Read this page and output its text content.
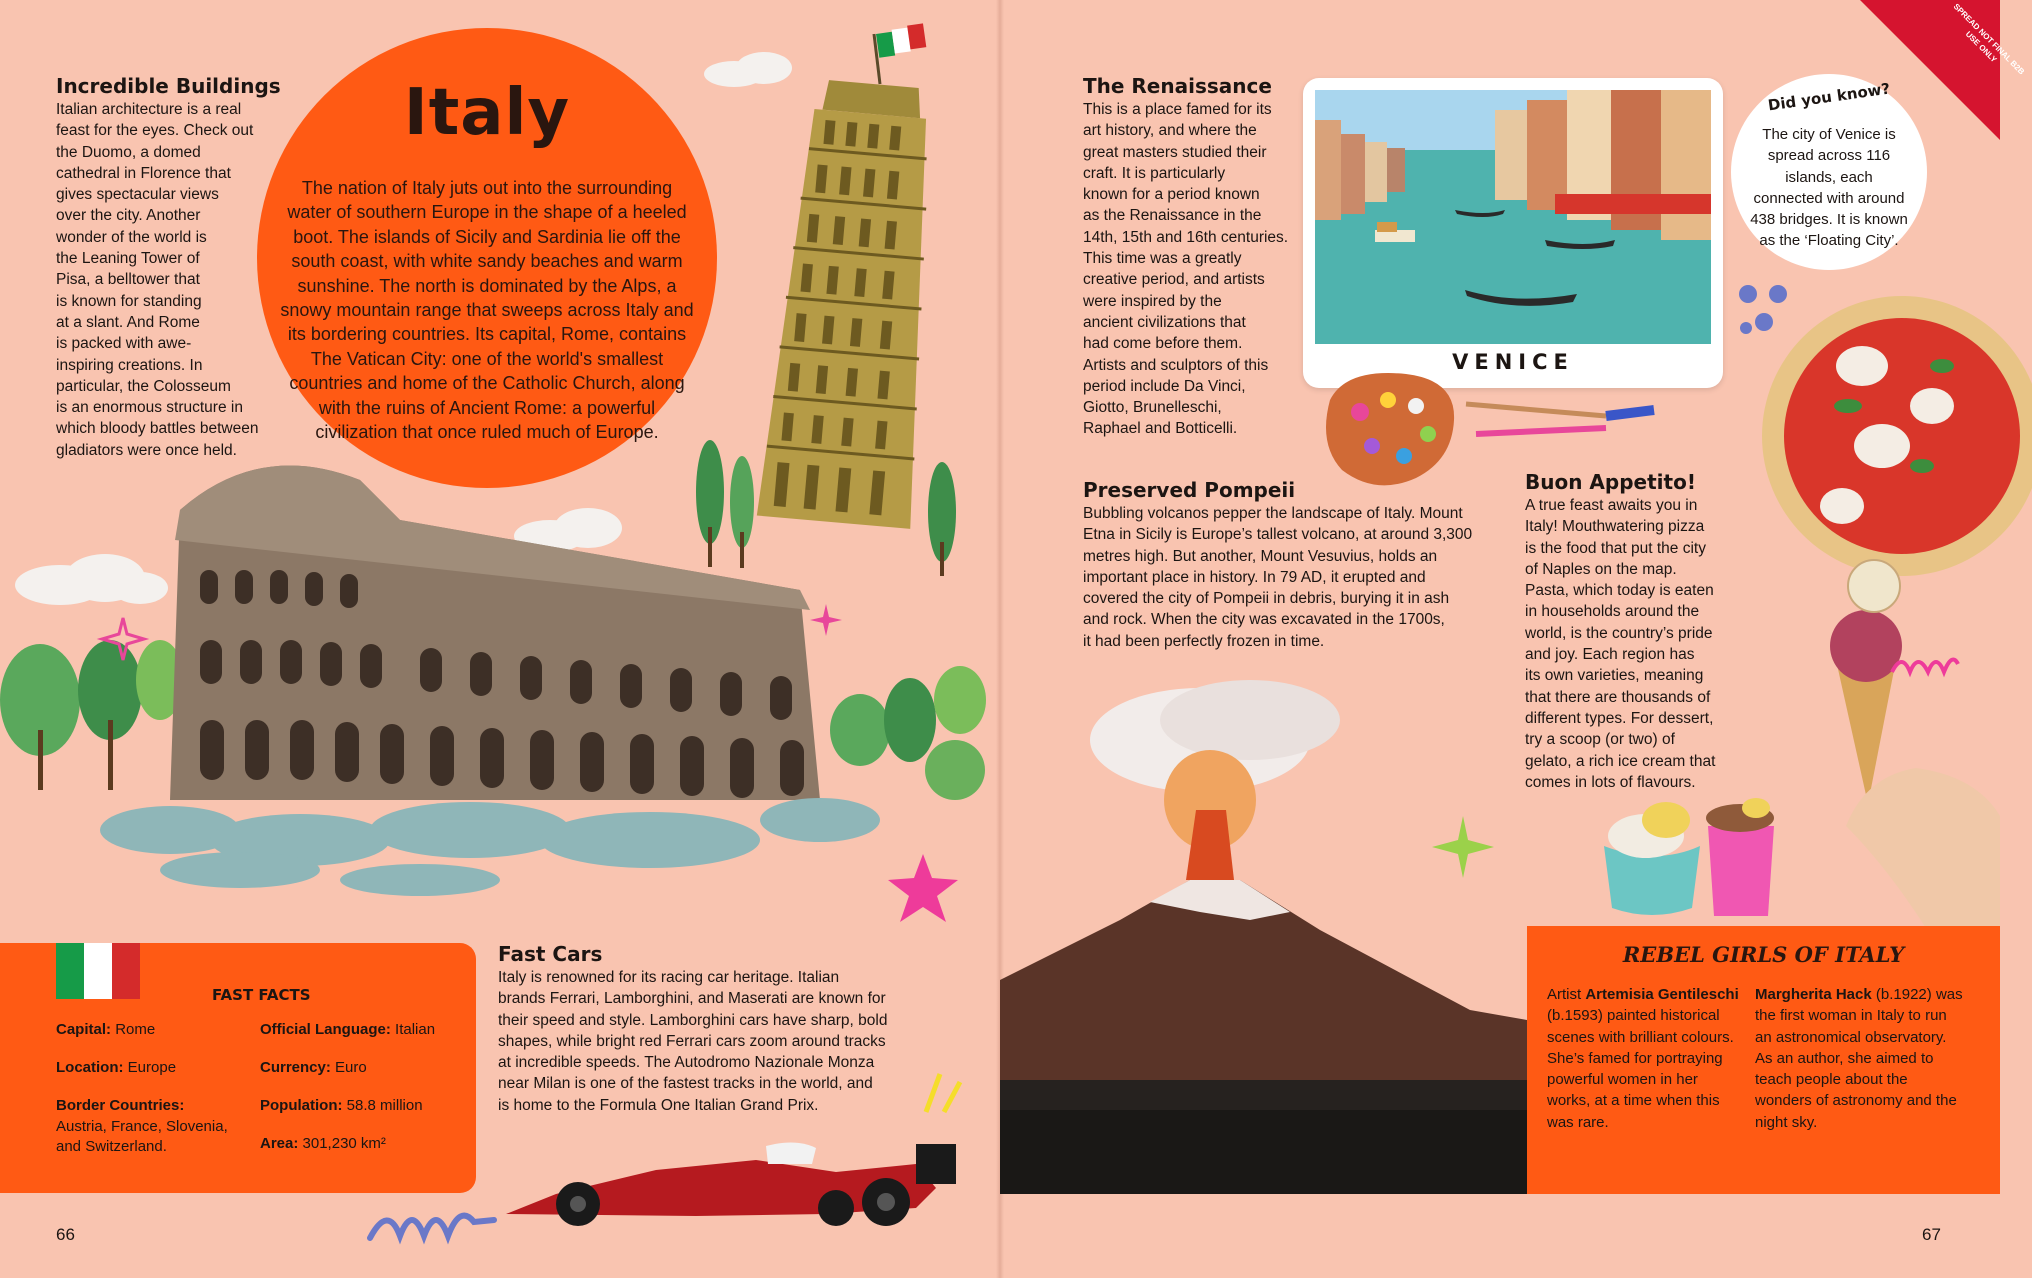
Incredible Buildings
Italian architecture is a real
feast for the eyes. Check out
the Duomo, a domed
cathedral in Florence that
gives spectacular views
over the city. Another
wonder of the world is
the Leaning Tower of
Pisa, a belltower that
is known for standing
at a slant. And Rome
is packed with awe-
inspiring creations. In
particular, the Colosseum
is an enormous structure in
which bloody battles between
gladiators were once held.
Italy

The nation of Italy juts out into the surrounding water of southern Europe in the shape of a heeled boot. The islands of Sicily and Sardinia lie off the south coast, with white sandy beaches and warm sunshine. The north is dominated by the Alps, a snowy mountain range that sweeps across Italy and its bordering countries. Its capital, Rome, contains The Vatican City: one of the world's smallest countries and home of the Catholic Church, along with the ruins of Ancient Rome: a powerful civilization that once ruled much of Europe.

The Renaissance
This is a place famed for its
art history, and where the
great masters studied their
craft. It is particularly
known for a period known
as the Renaissance in the
14th, 15th and 16th centuries.
This time was a greatly
creative period, and artists
were inspired by the
ancient civilizations that
had come before them.
Artists and sculptors of this
period include Da Vinci,
Giotto, Brunelleschi,
Raphael and Botticelli.
VENICE
Did you know?

The city of Venice is spread across 116 islands, each connected with around 438 bridges. It is known as the ‘Floating City’.

SPREAD NOT FINAL B2B USE ONLY
Buon Appetito!
A true feast awaits you in
Italy! Mouthwatering pizza
is the food that put the city
of Naples on the map.
Pasta, which today is eaten
in households around the
world, is the country’s pride
and joy. Each region has
its own varieties, meaning
that there are thousands of
different types. For dessert,
try a scoop (or two) of
gelato, a rich ice cream that
comes in lots of flavours.
Preserved Pompeii
Bubbling volcanos pepper the landscape of Italy. Mount
Etna in Sicily is Europe’s tallest volcano, at around 3,300
metres high. But another, Mount Vesuvius, holds an
important place in history. In 79 AD, it erupted and
covered the city of Pompeii in debris, burying it in ash
and rock. When the city was excavated in the 1700s,
it had been perfectly frozen in time.
Fast Cars
Italy is renowned for its racing car heritage. Italian
brands Ferrari, Lamborghini, and Maserati are known for
their speed and style. Lamborghini cars have sharp, bold
shapes, while bright red Ferrari cars zoom around tracks
at incredible speeds. The Autodromo Nazionale Monza
near Milan is one of the fastest tracks in the world, and
is home to the Formula One Italian Grand Prix.
FAST FACTS
Capital: Rome
Location: Europe
Border Countries:
Austria, France, Slovenia, and Switzerland.
Official Language: Italian
Currency: Euro
Population: 58.8 million
Area: 301,230 km²
REBEL GIRLS OF ITALY

Artist Artemisia Gentileschi (b.1593) painted historical scenes with brilliant colours. She’s famed for portraying powerful women in her works, at a time when this was rare.

Margherita Hack (b.1922) was the first woman in Italy to run an astronomical observatory. As an author, she aimed to teach people about the wonders of astronomy and the night sky.

66	67
